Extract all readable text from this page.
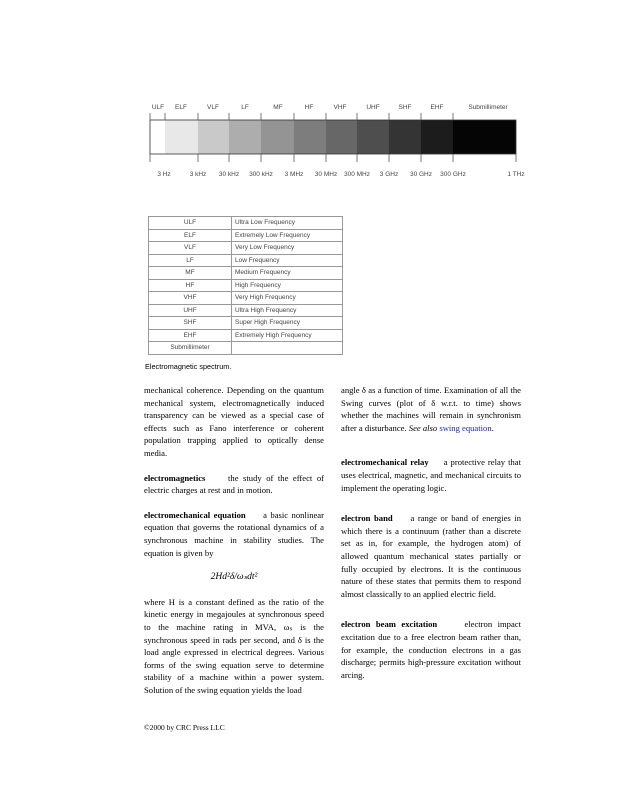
ULF ELF	VLF	LF	MF	HF	VHF	UHF	SHF	EHF	Submillimeter
3 Hz	3 kHz 30 kHz 300 kHz 3 MHz 30 MHz 300 MHz 3 GHz 30 GHz 300 GHz	1 THz
ULF	Ultra Low Frequency
ELF	Extremely Low Frequency
VLF	Very Low Frequency
LF	Low Frequency
MF	Medium Frequency
HF	High Frequency
VHF	Very High Frequency
UHF	Ultra High Frequency
SHF	Super High Frequency
EHF	Extremely High Frequency
Submillimeter	
Electromagnetic spectrum.

mechanical coherence. Depending on the quantum mechanical system, electromagnetically induced transparency can be viewed as a special case of effects such as Fano interference or coherent population trapping applied to optically dense media.

electromagnetics	the study of the effect of electric charges at rest and in motion.

electromechanical equation a basic nonlinear equation that governs the rotational dynamics of a synchronous machine in stability studies. The equation is given by

2Hd²δ/ωₛdt²

where H is a constant defined as the ratio of the kinetic energy in megajoules at synchronous speed to the machine rating in MVA, ωₛ is the synchronous speed in rads per second, and δ is the load angle expressed in electrical degrees. Various forms of the swing equation serve to determine stability of a machine within a power system. Solution of the swing equation yields the load

angle δ as a function of time. Examination of all the Swing curves (plot of δ w.r.t. to time) shows whether the machines will remain in synchronism after a disturbance. See also swing equation.

electromechanical relay a protective relay that uses electrical, magnetic, and mechanical circuits to implement the operating logic.

electron band a range or band of energies in which there is a continuum (rather than a discrete set as in, for example, the hydrogen atom) of allowed quantum mechanical states partially or fully occupied by electrons. It is the continuous nature of these states that permits them to respond almost classically to an applied electric field.

electron beam excitation	electron impact excitation due to a free electron beam rather than, for example, the conduction electrons in a gas discharge; permits high-pressure excitation without arcing.

©2000 by CRC Press LLC
